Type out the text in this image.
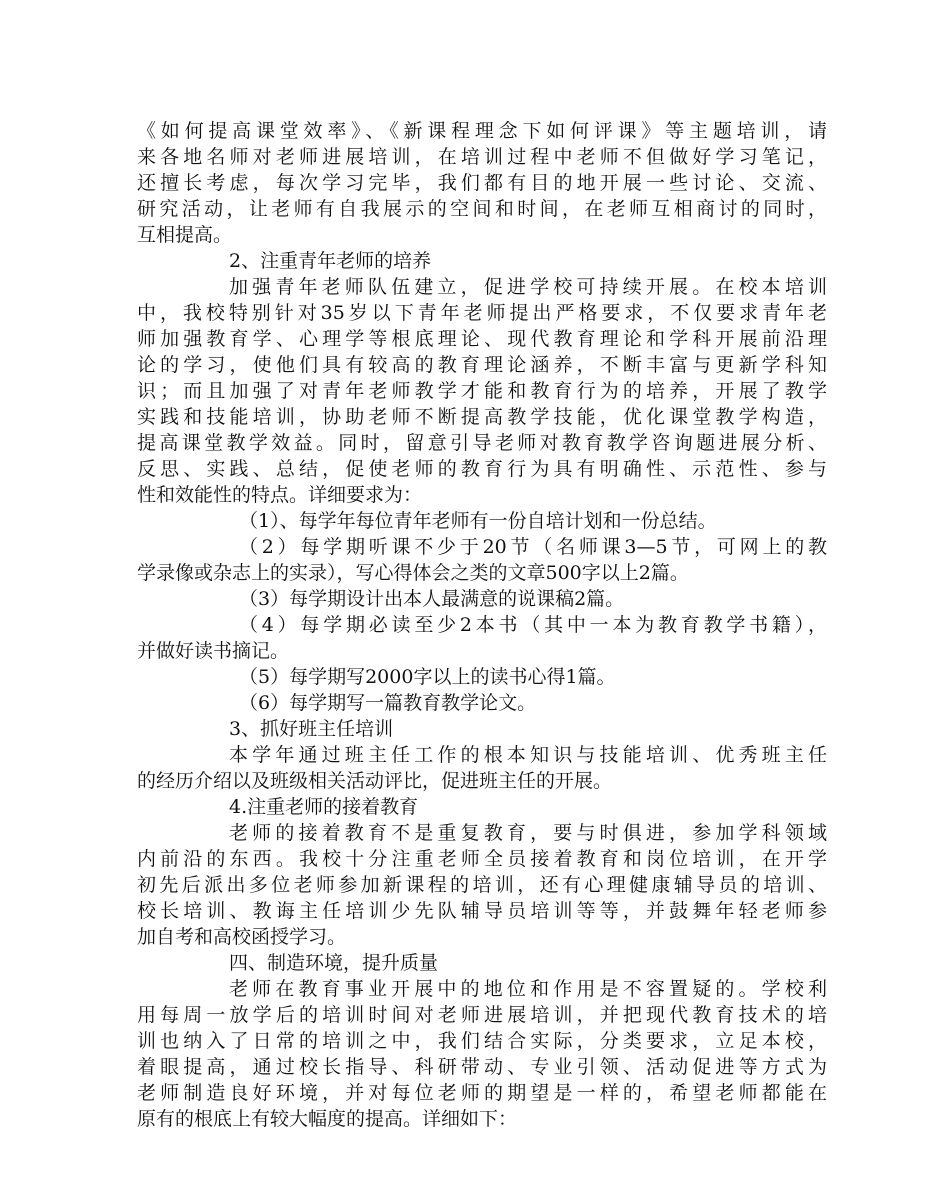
《如何提高课堂效率》、《新课程理念下如何评课》等主题培训，请
来各地名师对老师进展培训，在培训过程中老师不但做好学习笔记，
还擅长考虑，每次学习完毕，我们都有目的地开展一些讨论、交流、
研究活动，让老师有自我展示的空间和时间，在老师互相商讨的同时，
互相提高。
2、注重青年老师的培养
加强青年老师队伍建立，促进学校可持续开展。在校本培训
中，我校特别针对35岁以下青年老师提出严格要求，不仅要求青年老
师加强教育学、心理学等根底理论、现代教育理论和学科开展前沿理
论的学习，使他们具有较高的教育理论涵养，不断丰富与更新学科知
识；而且加强了对青年老师教学才能和教育行为的培养，开展了教学
实践和技能培训，协助老师不断提高教学技能，优化课堂教学构造，
提高课堂教学效益。同时，留意引导老师对教育教学咨询题进展分析、
反思、实践、总结，促使老师的教育行为具有明确性、示范性、参与
性和效能性的特点。详细要求为：
（1）、每学年每位青年老师有一份自培计划和一份总结。
（2）每学期听课不少于20节（名师课3—5节，可网上的教
学录像或杂志上的实录），写心得体会之类的文章500字以上2篇。
（3）每学期设计出本人最满意的说课稿2篇。
（4）每学期必读至少2本书（其中一本为教育教学书籍），
并做好读书摘记。
（5）每学期写2000字以上的读书心得1篇。
（6）每学期写一篇教育教学论文。
3、抓好班主任培训
本学年通过班主任工作的根本知识与技能培训、优秀班主任
的经历介绍以及班级相关活动评比，促进班主任的开展。
4.注重老师的接着教育
老师的接着教育不是重复教育，要与时俱进，参加学科领域
内前沿的东西。我校十分注重老师全员接着教育和岗位培训，在开学
初先后派出多位老师参加新课程的培训，还有心理健康辅导员的培训、
校长培训、教诲主任培训少先队辅导员培训等等，并鼓舞年轻老师参
加自考和高校函授学习。
四、制造环境，提升质量
老师在教育事业开展中的地位和作用是不容置疑的。学校利
用每周一放学后的培训时间对老师进展培训，并把现代教育技术的培
训也纳入了日常的培训之中，我们结合实际，分类要求，立足本校，
着眼提高，通过校长指导、科研带动、专业引领、活动促进等方式为
老师制造良好环境，并对每位老师的期望是一样的，希望老师都能在
原有的根底上有较大幅度的提高。详细如下：
